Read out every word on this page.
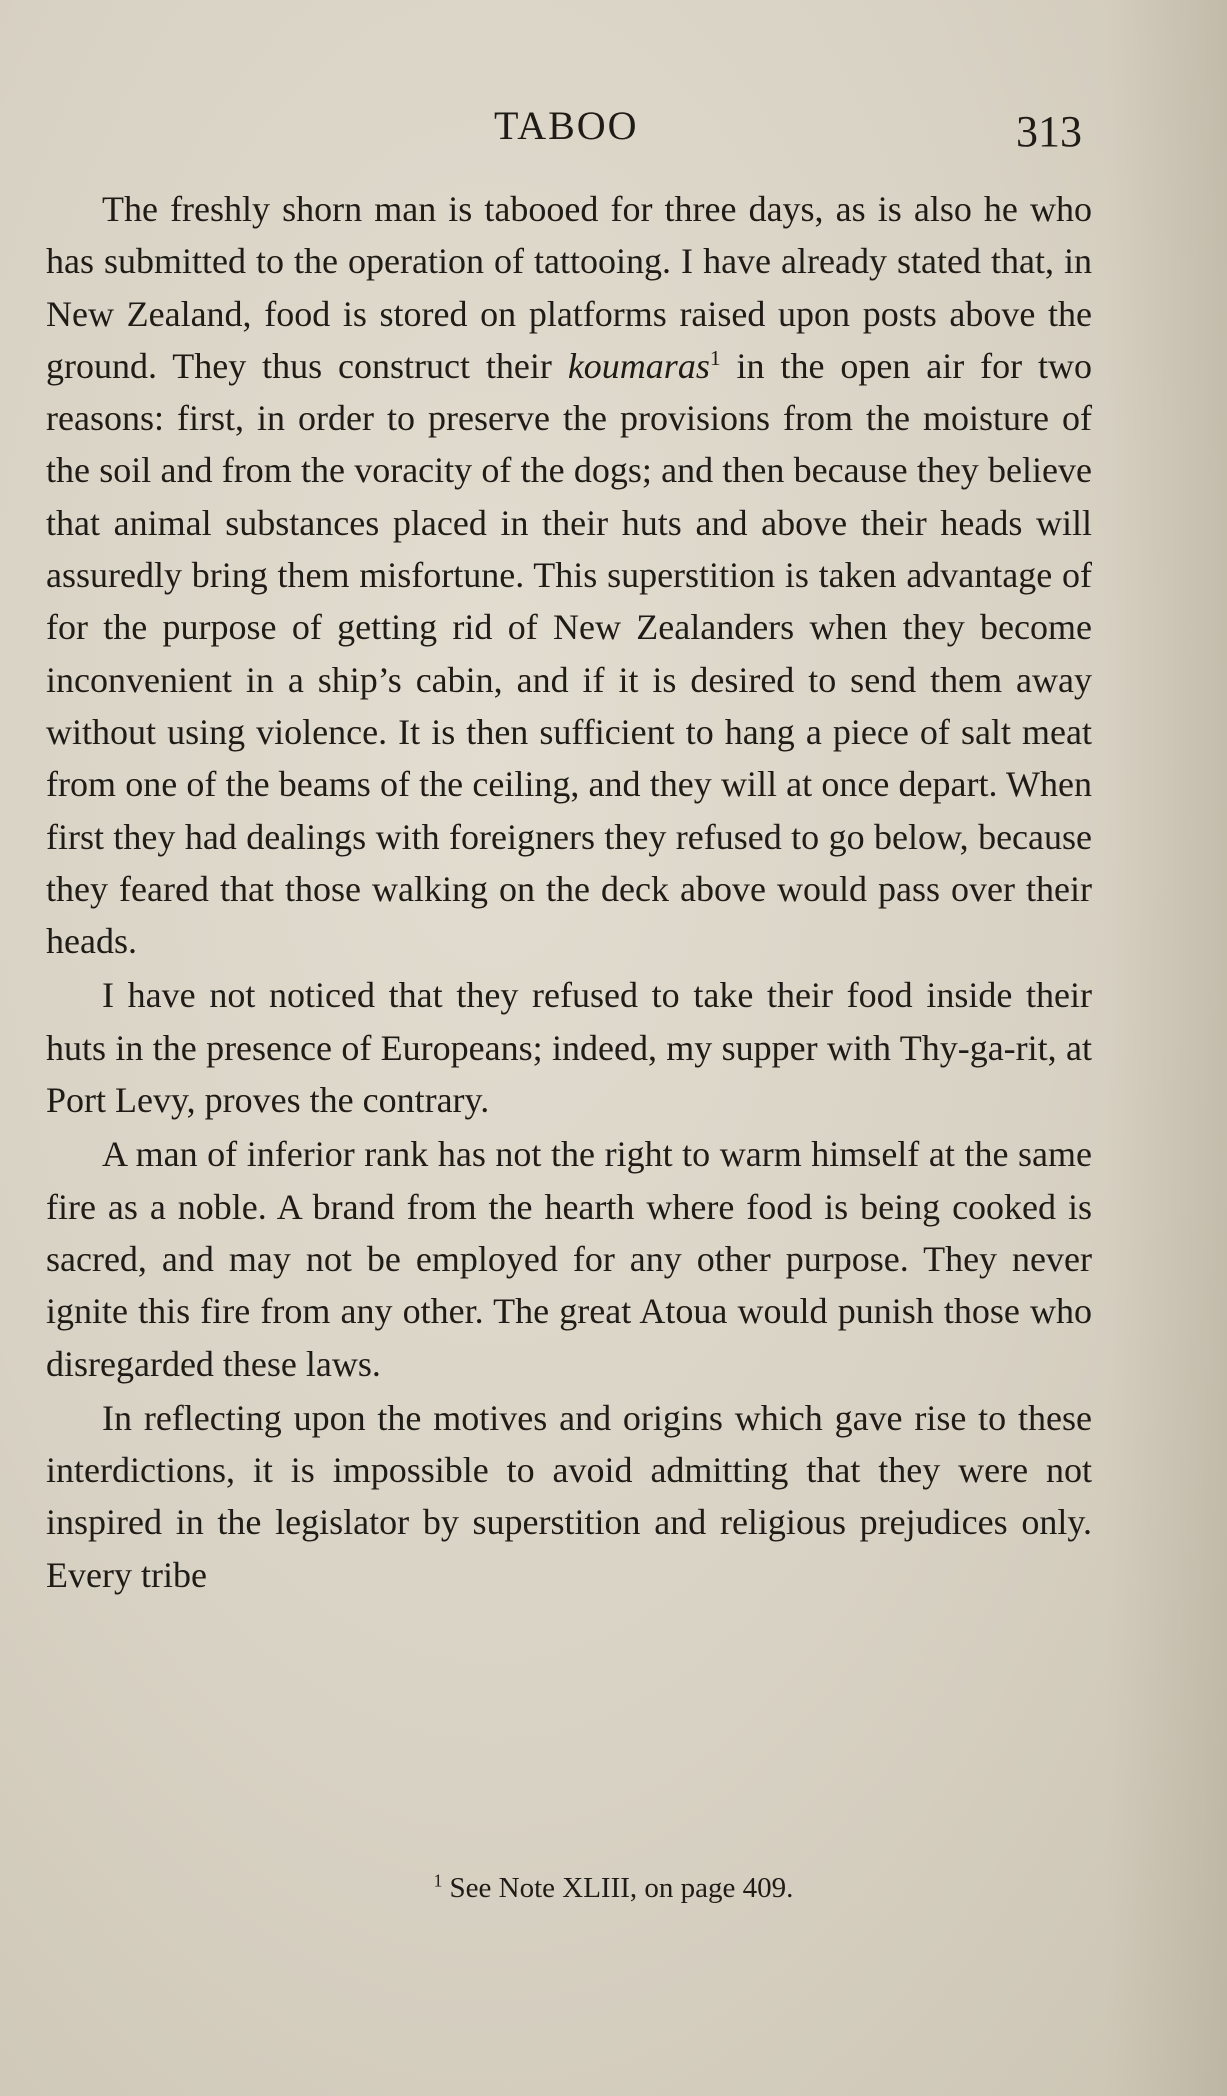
TABOO	313

The freshly shorn man is tabooed for three days, as is also he who has submitted to the operation of tattooing. I have already stated that, in New Zealand, food is stored on platforms raised upon posts above the ground. They thus construct their koumaras$^1$ in the open air for two reasons: first, in order to preserve the provisions from the moisture of the soil and from the voracity of the dogs; and then because they believe that animal substances placed in their huts and above their heads will assuredly bring them misfortune. This superstition is taken advantage of for the purpose of getting rid of New Zealanders when they become inconvenient in a ship’s cabin, and if it is desired to send them away without using violence. It is then sufficient to hang a piece of salt meat from one of the beams of the ceiling, and they will at once depart. When first they had dealings with foreigners they refused to go below, because they feared that those walking on the deck above would pass over their heads.

I have not noticed that they refused to take their food inside their huts in the presence of Europeans; indeed, my supper with Thy-ga-rit, at Port Levy, proves the contrary.

A man of inferior rank has not the right to warm himself at the same fire as a noble. A brand from the hearth where food is being cooked is sacred, and may not be employed for any other purpose. They never ignite this fire from any other. The great Atoua would punish those who disregarded these laws.

In reflecting upon the motives and origins which gave rise to these interdictions, it is impossible to avoid admitting that they were not inspired in the legislator by superstition and religious prejudices only. Every tribe

$^1$ See Note XLIII, on page 409.
